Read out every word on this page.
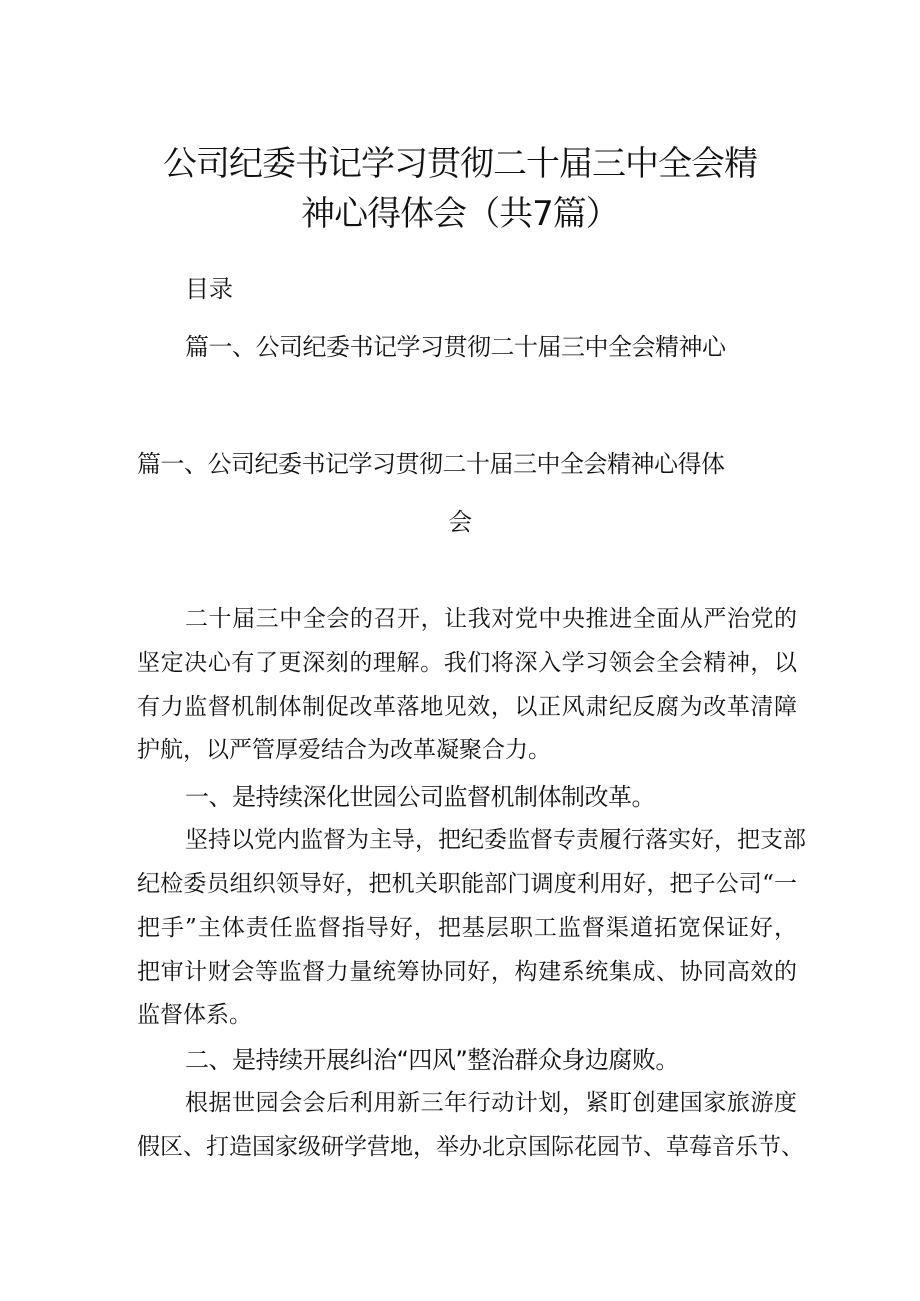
公司纪委书记学习贯彻二十届三中全会精
神心得体会（共7篇）
目录
篇一、公司纪委书记学习贯彻二十届三中全会精神心
篇一、公司纪委书记学习贯彻二十届三中全会精神心得体
会
二十届三中全会的召开，让我对党中央推进全面从严治党的
坚定决心有了更深刻的理解。我们将深入学习领会全会精神，以
有力监督机制体制促改革落地见效，以正风肃纪反腐为改革清障
护航，以严管厚爱结合为改革凝聚合力。
一、是持续深化世园公司监督机制体制改革。
坚持以党内监督为主导，把纪委监督专责履行落实好，把支部
纪检委员组织领导好，把机关职能部门调度利用好，把子公司“一
把手”主体责任监督指导好，把基层职工监督渠道拓宽保证好，
把审计财会等监督力量统筹协同好，构建系统集成、协同高效的
监督体系。
二、是持续开展纠治“四风”整治群众身边腐败。
根据世园会会后利用新三年行动计划，紧盯创建国家旅游度
假区、打造国家级研学营地，举办北京国际花园节、草莓音乐节、
